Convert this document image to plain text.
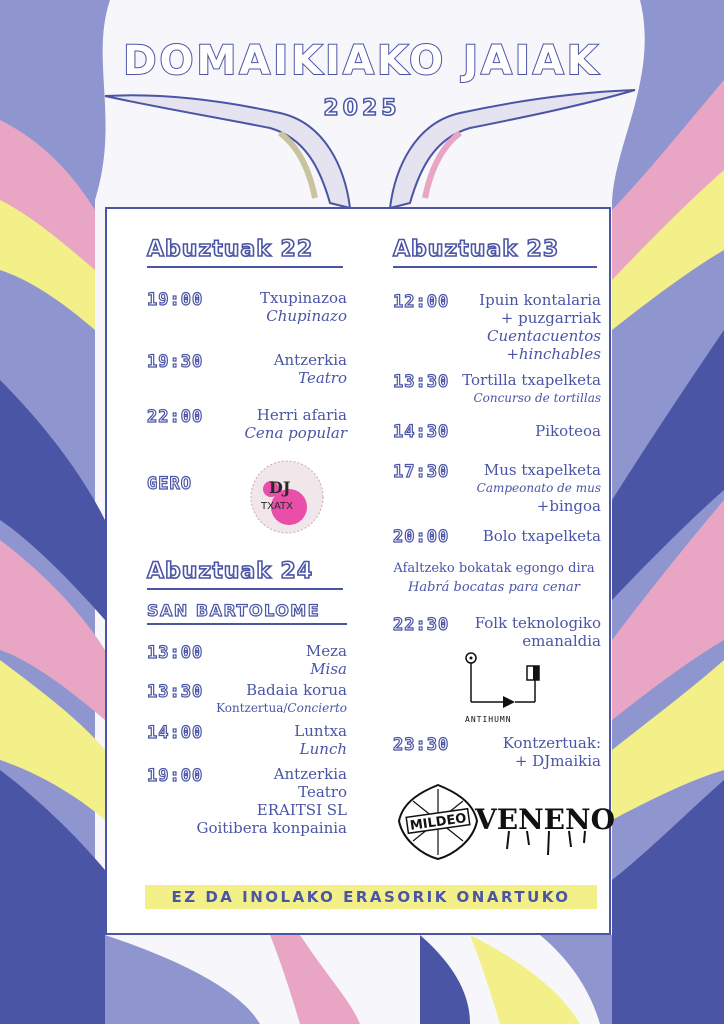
DOMAIKIAKO JAIAK
2025
Abuztuak 22
19:00	Txupinazoa
Chupinazo
19:30	Antzerkia
Teatro
22:00	Herri afaria
Cena popular
GERO	DJ
TXATX
Abuztuak 24
SAN BARTOLOME
13:00	Meza
Misa
13:30	Badaia korua
Kontzertua/Concierto
14:00	Luntxa
Lunch
19:00	Antzerkia
Teatro
ERAITSI SL
Goitibera konpainia
Abuztuak 23
12:00 Ipuin kontalaria
+ puzgarriak
Cuentacuentos
+hinchables
13:30 Tortilla txapelketa
Concurso de tortillas
14:30	Pikoteoa
17:30	Mus txapelketa
Campeonato de mus
+bingoa
20:00 Bolo txapelketa
Afaltzeko bokatak egongo dira
Habrá bocatas para cenar
22:30 Folk teknologiko
emanaldia
ANTIHUMN
23:30	Kontzertuak:
+ DJmaikia
MILDEO VENENO
EZ DA INOLAKO ERASORIK ONARTUKO
